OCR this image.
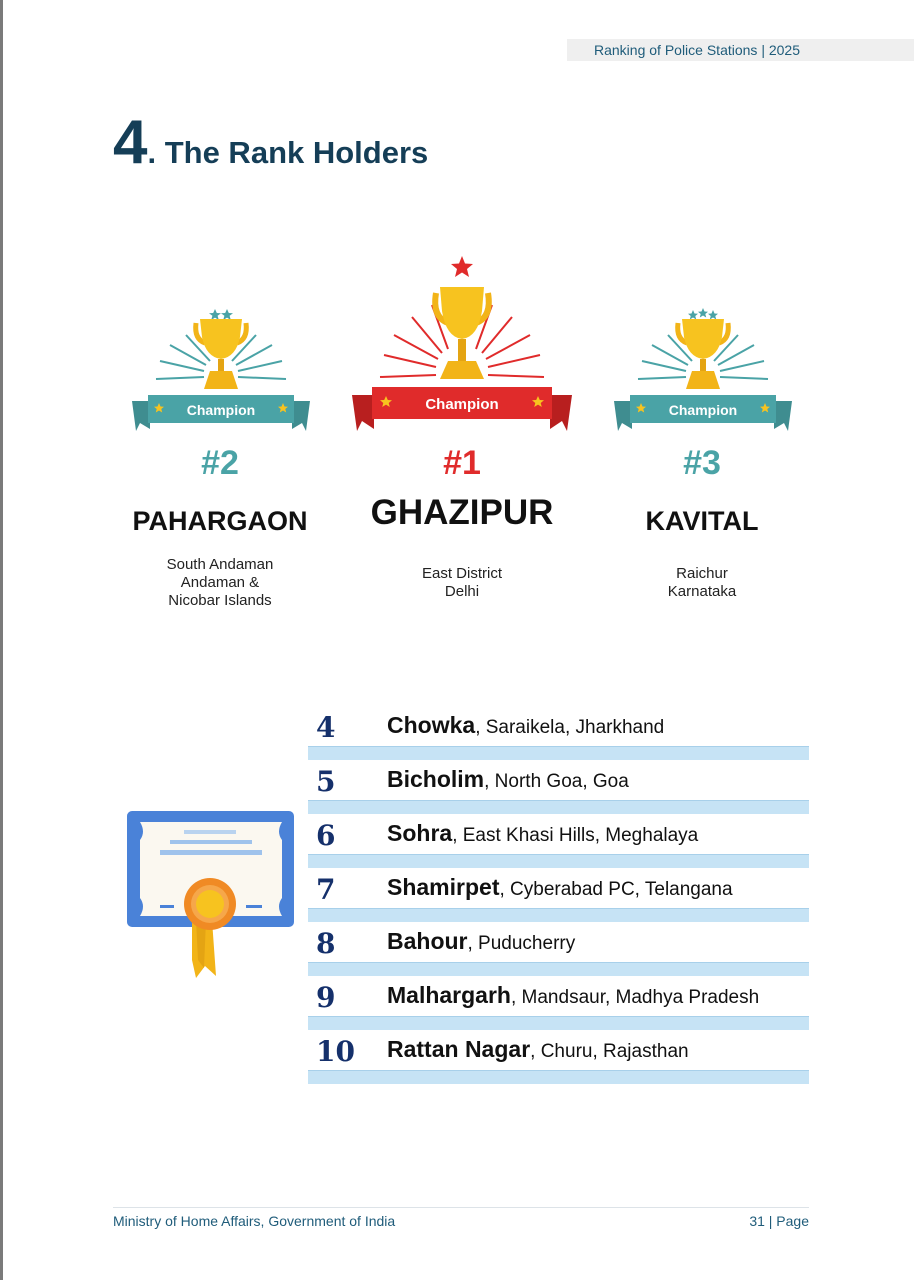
Ranking of Police Stations | 2025
4. The Rank Holders
Champion	Champion	Champion
#2	#1	#3
PAHARGAON	GHAZIPUR	KAVITAL
South Andaman
Andaman &
Nicobar Islands
East District
Delhi
Raichur
Karnataka
4 Chowka, Saraikela, Jharkhand
5 Bicholim, North Goa, Goa
6 Sohra, East Khasi Hills, Meghalaya
7 Shamirpet, Cyberabad PC, Telangana
8 Bahour, Puducherry
9 Malhargarh, Mandsaur, Madhya Pradesh
10 Rattan Nagar, Churu, Rajasthan
Ministry of Home Affairs, Government of India	31 | Page
